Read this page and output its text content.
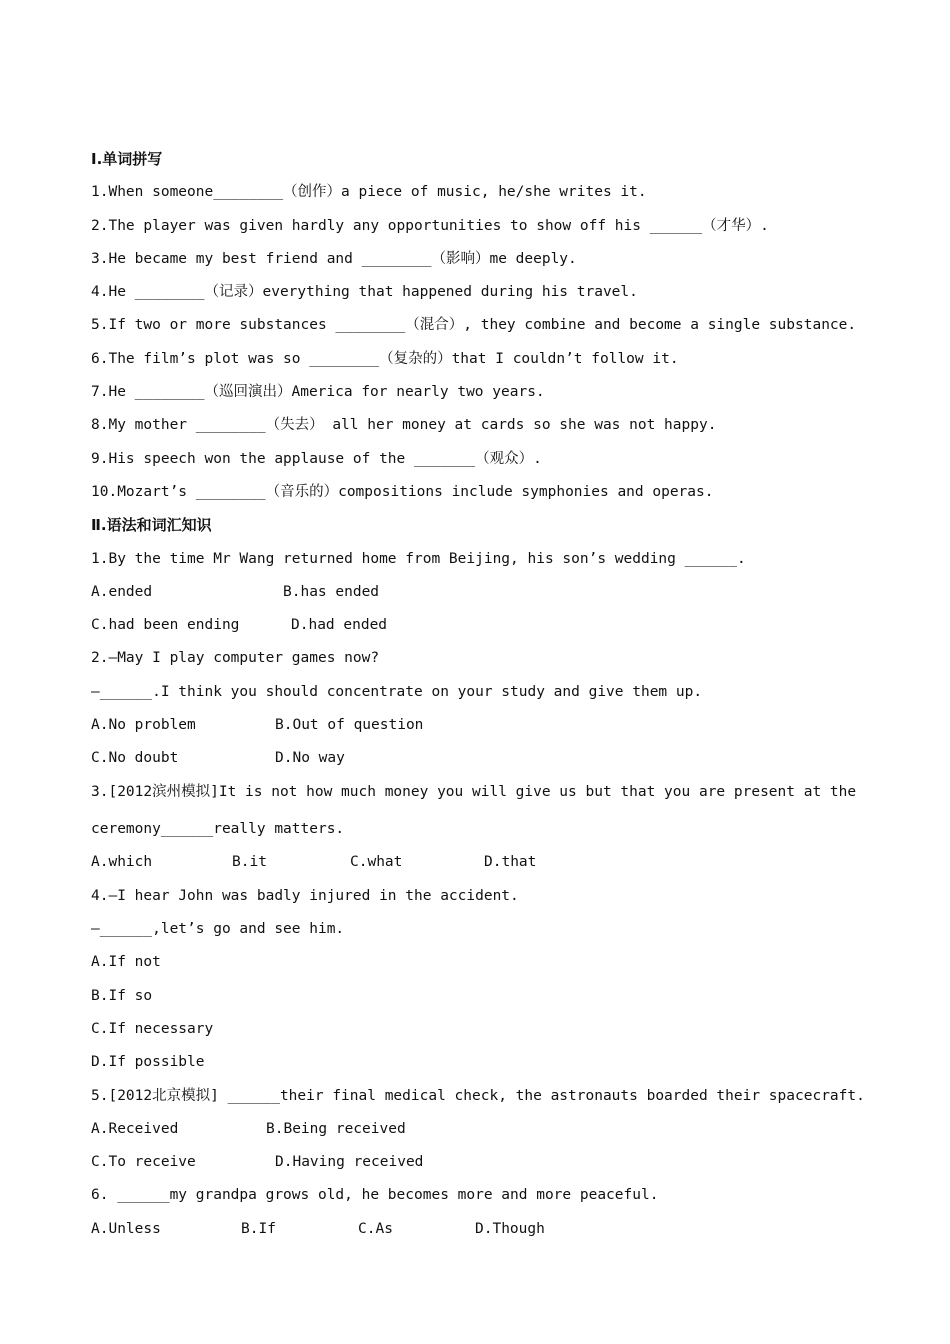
Ⅰ.单词拼写
1.When someone________（创作）a piece of music, he/she writes it.
2.The player was given hardly any opportunities to show off his ______（才华）.
3.He became my best friend and ________（影响）me deeply.
4.He ________（记录）everything that happened during his travel.
5.If two or more substances ________（混合）, they combine and become a single substance.
6.The film’s plot was so ________（复杂的）that I couldn’t follow it.
7.He ________（巡回演出）America for nearly two years.
8.My mother ________（失去） all her money at cards so she was not happy.
9.His speech won the applause of the _______（观众）.
10.Mozart’s ________（音乐的）compositions include symphonies and operas.
Ⅱ.语法和词汇知识
1.By the time Mr Wang returned home from Beijing, his son’s wedding ______.
A.ended	B.has ended
C.had been ending	D.had ended
2.—May I play computer games now?
—______.I think you should concentrate on your study and give them up.
A.No problem	B.Out of question
C.No doubt	D.No way
3.[2012滨州模拟]It is not how much money you will give us but that you are present at the
ceremony______really matters.
A.which	B.it	C.what	D.that
4.—I hear John was badly injured in the accident.
—______,let’s go and see him.
A.If not
B.If so
C.If necessary
D.If possible
5.[2012北京模拟] ______their final medical check, the astronauts boarded their spacecraft.
A.Received	B.Being received
C.To receive	D.Having received
6. ______my grandpa grows old, he becomes more and more peaceful.
A.Unless	B.If	C.As	D.Though
